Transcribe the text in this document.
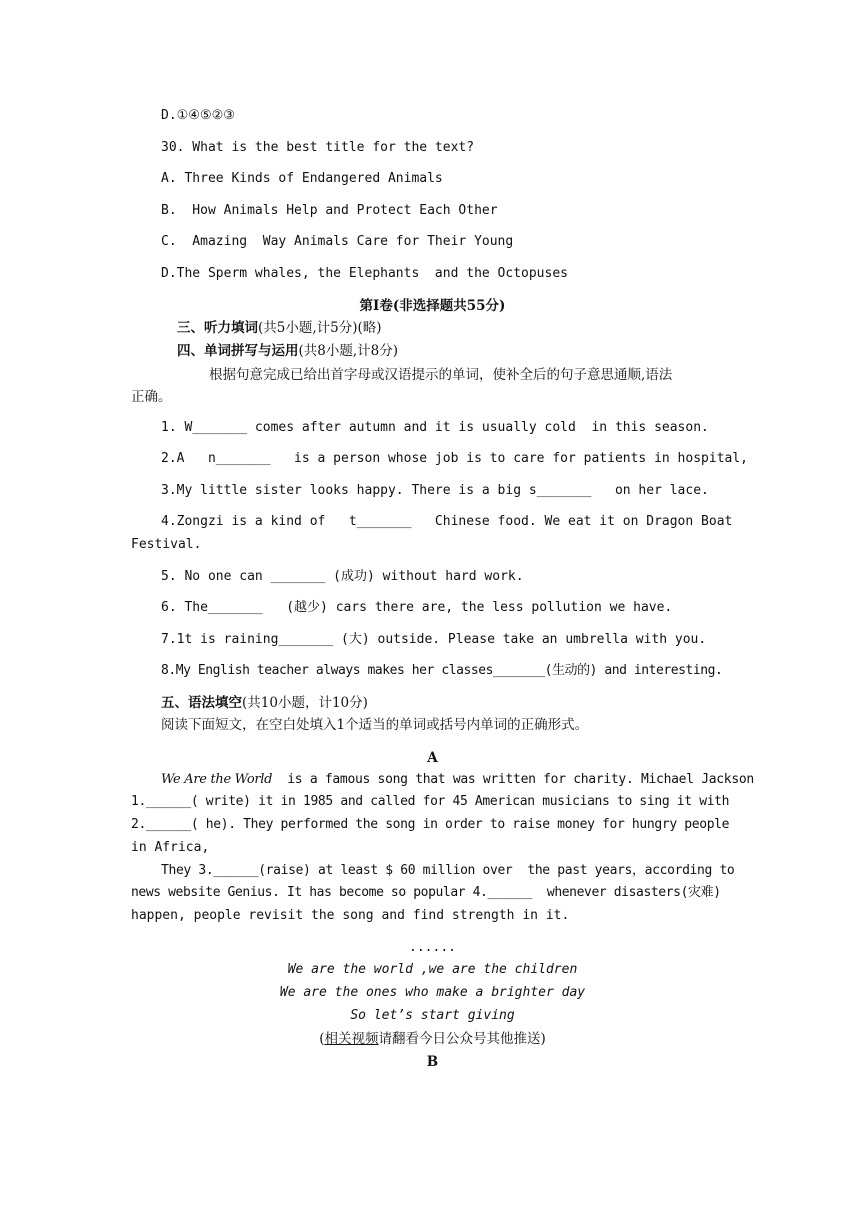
D.①④⑤②③
30. What is the best title for the text?
A. Three Kinds of Endangered Animals
B.  How Animals Help and Protect Each Other
C.  Amazing  Way Animals Care for Their Young
D.The Sperm whales, the Elephants  and the Octopuses
第Ⅰ卷(非选择题共55分)
三、听力填词(共5小题,计5分)(略)
四、单词拼写与运用(共8小题,计8分)
根据句意完成已给出首字母或汉语提示的单词，使补全后的句子意思通顺,语法
正确。
1. W_______ comes after autumn and it is usually cold  in this season.
2.A   n_______   is a person whose job is to care for patients in hospital,
3.My little sister looks happy. There is a big s_______   on her lace.
4.Zongzi is a kind of   t_______   Chinese food. We eat it on Dragon Boat
Festival.
5. No one can _______ (成功) without hard work.
6. The_______   (越少) cars there are, the less pollution we have.
7.1t is raining_______ (大) outside. Please take an umbrella with you.
8.My English teacher always makes her classes_______(生动的) and interesting.
五、语法填空(共10小题，计10分)
阅读下面短文，在空白处填入1个适当的单词或括号内单词的正确形式。
A
We Are the World  is a famous song that was written for charity. Michael Jackson
1.______( write) it in 1985 and called for 45 American musicians to sing it with
2.______( he). They performed the song in order to raise money for hungry people
in Africa,
They 3.______(raise) at least $ 60 million over  the past years，according to
news website Genius. It has become so popular 4.______  whenever disasters(灾难)
happen, people revisit the song and find strength in it.
......
We are the world ,we are the children
We are the ones who make a brighter day
So let’s start giving
(相关视频请翻看今日公众号其他推送)
B
